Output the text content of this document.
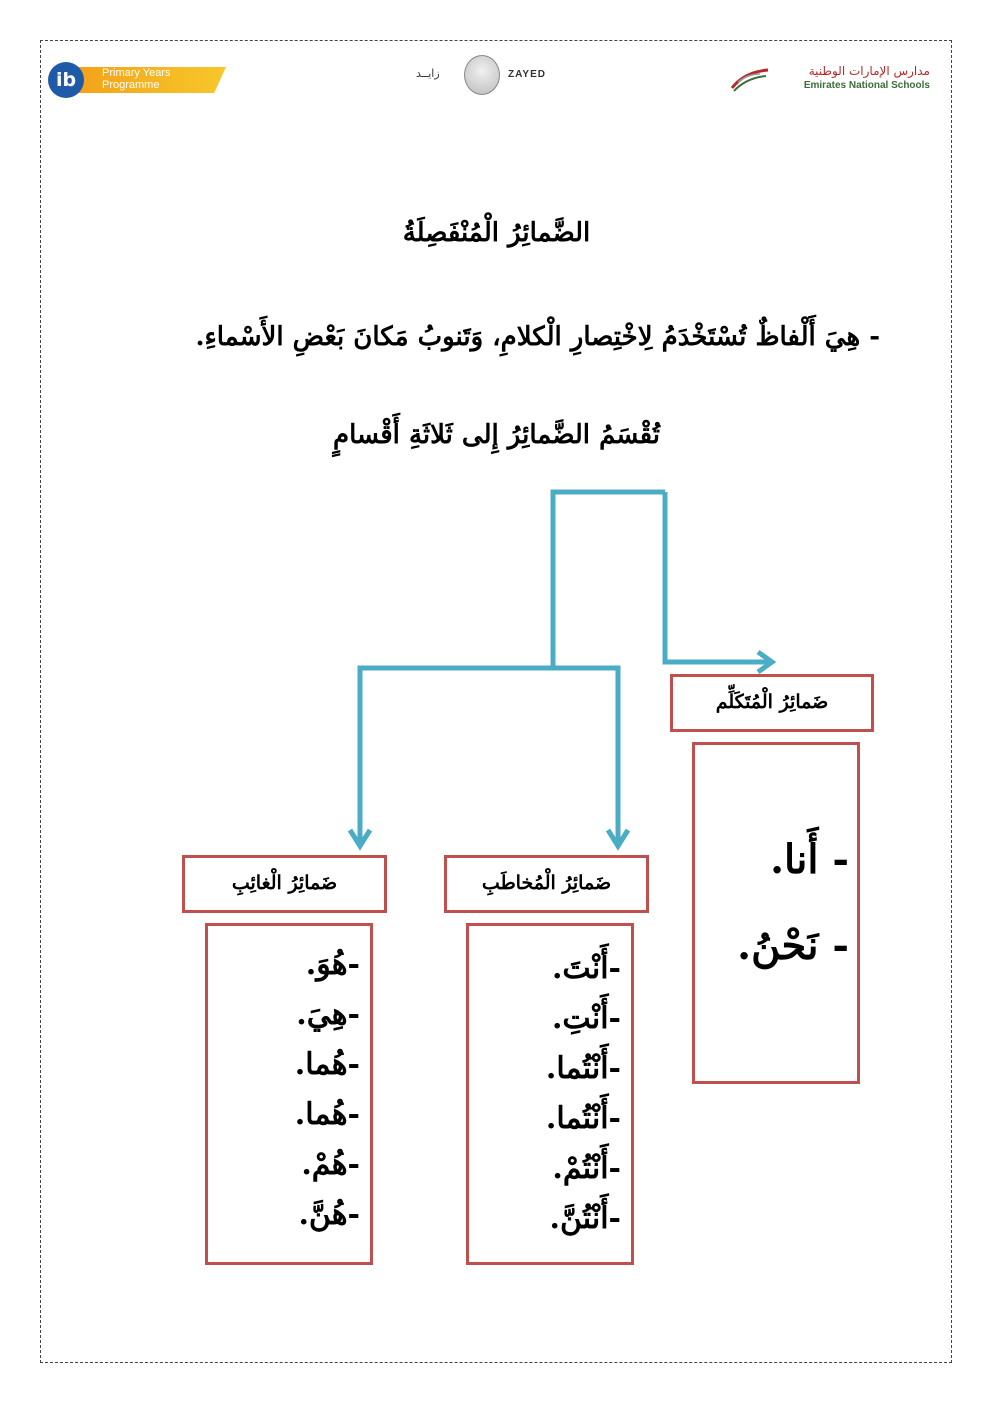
ib	Primary Years
Programme
زايــد	ZAYED	مدارس الإمارات الوطنية
Emirates National Schools
الضَّمائِرُ الْمُنْفَصِلَةُ
- هِيَ أَلْفاظٌ تُسْتَخْدَمُ لِاخْتِصارِ الْكلامِ، وَتَنوبُ مَكانَ بَعْضِ الأَسْماءِ.
تُقْسَمُ الضَّمائِرُ إِلى ثَلاثَةِ أَقْسامٍ
ضَمائِرُ الْمُتَكَلِّم
- أَنا.
- نَحْنُ.
ضَمائِرُ الْمُخاطَبِ
-أَنْتَ.
-أَنْتِ.
-أَنْتُما.
-أَنْتُما.
-أَنْتُمْ.
-أَنْتُنَّ.
ضَمائِرُ الْغائِبِ
-هُوَ.
-هِيَ.
-هُما.
-هُما.
-هُمْ.
-هُنَّ.
